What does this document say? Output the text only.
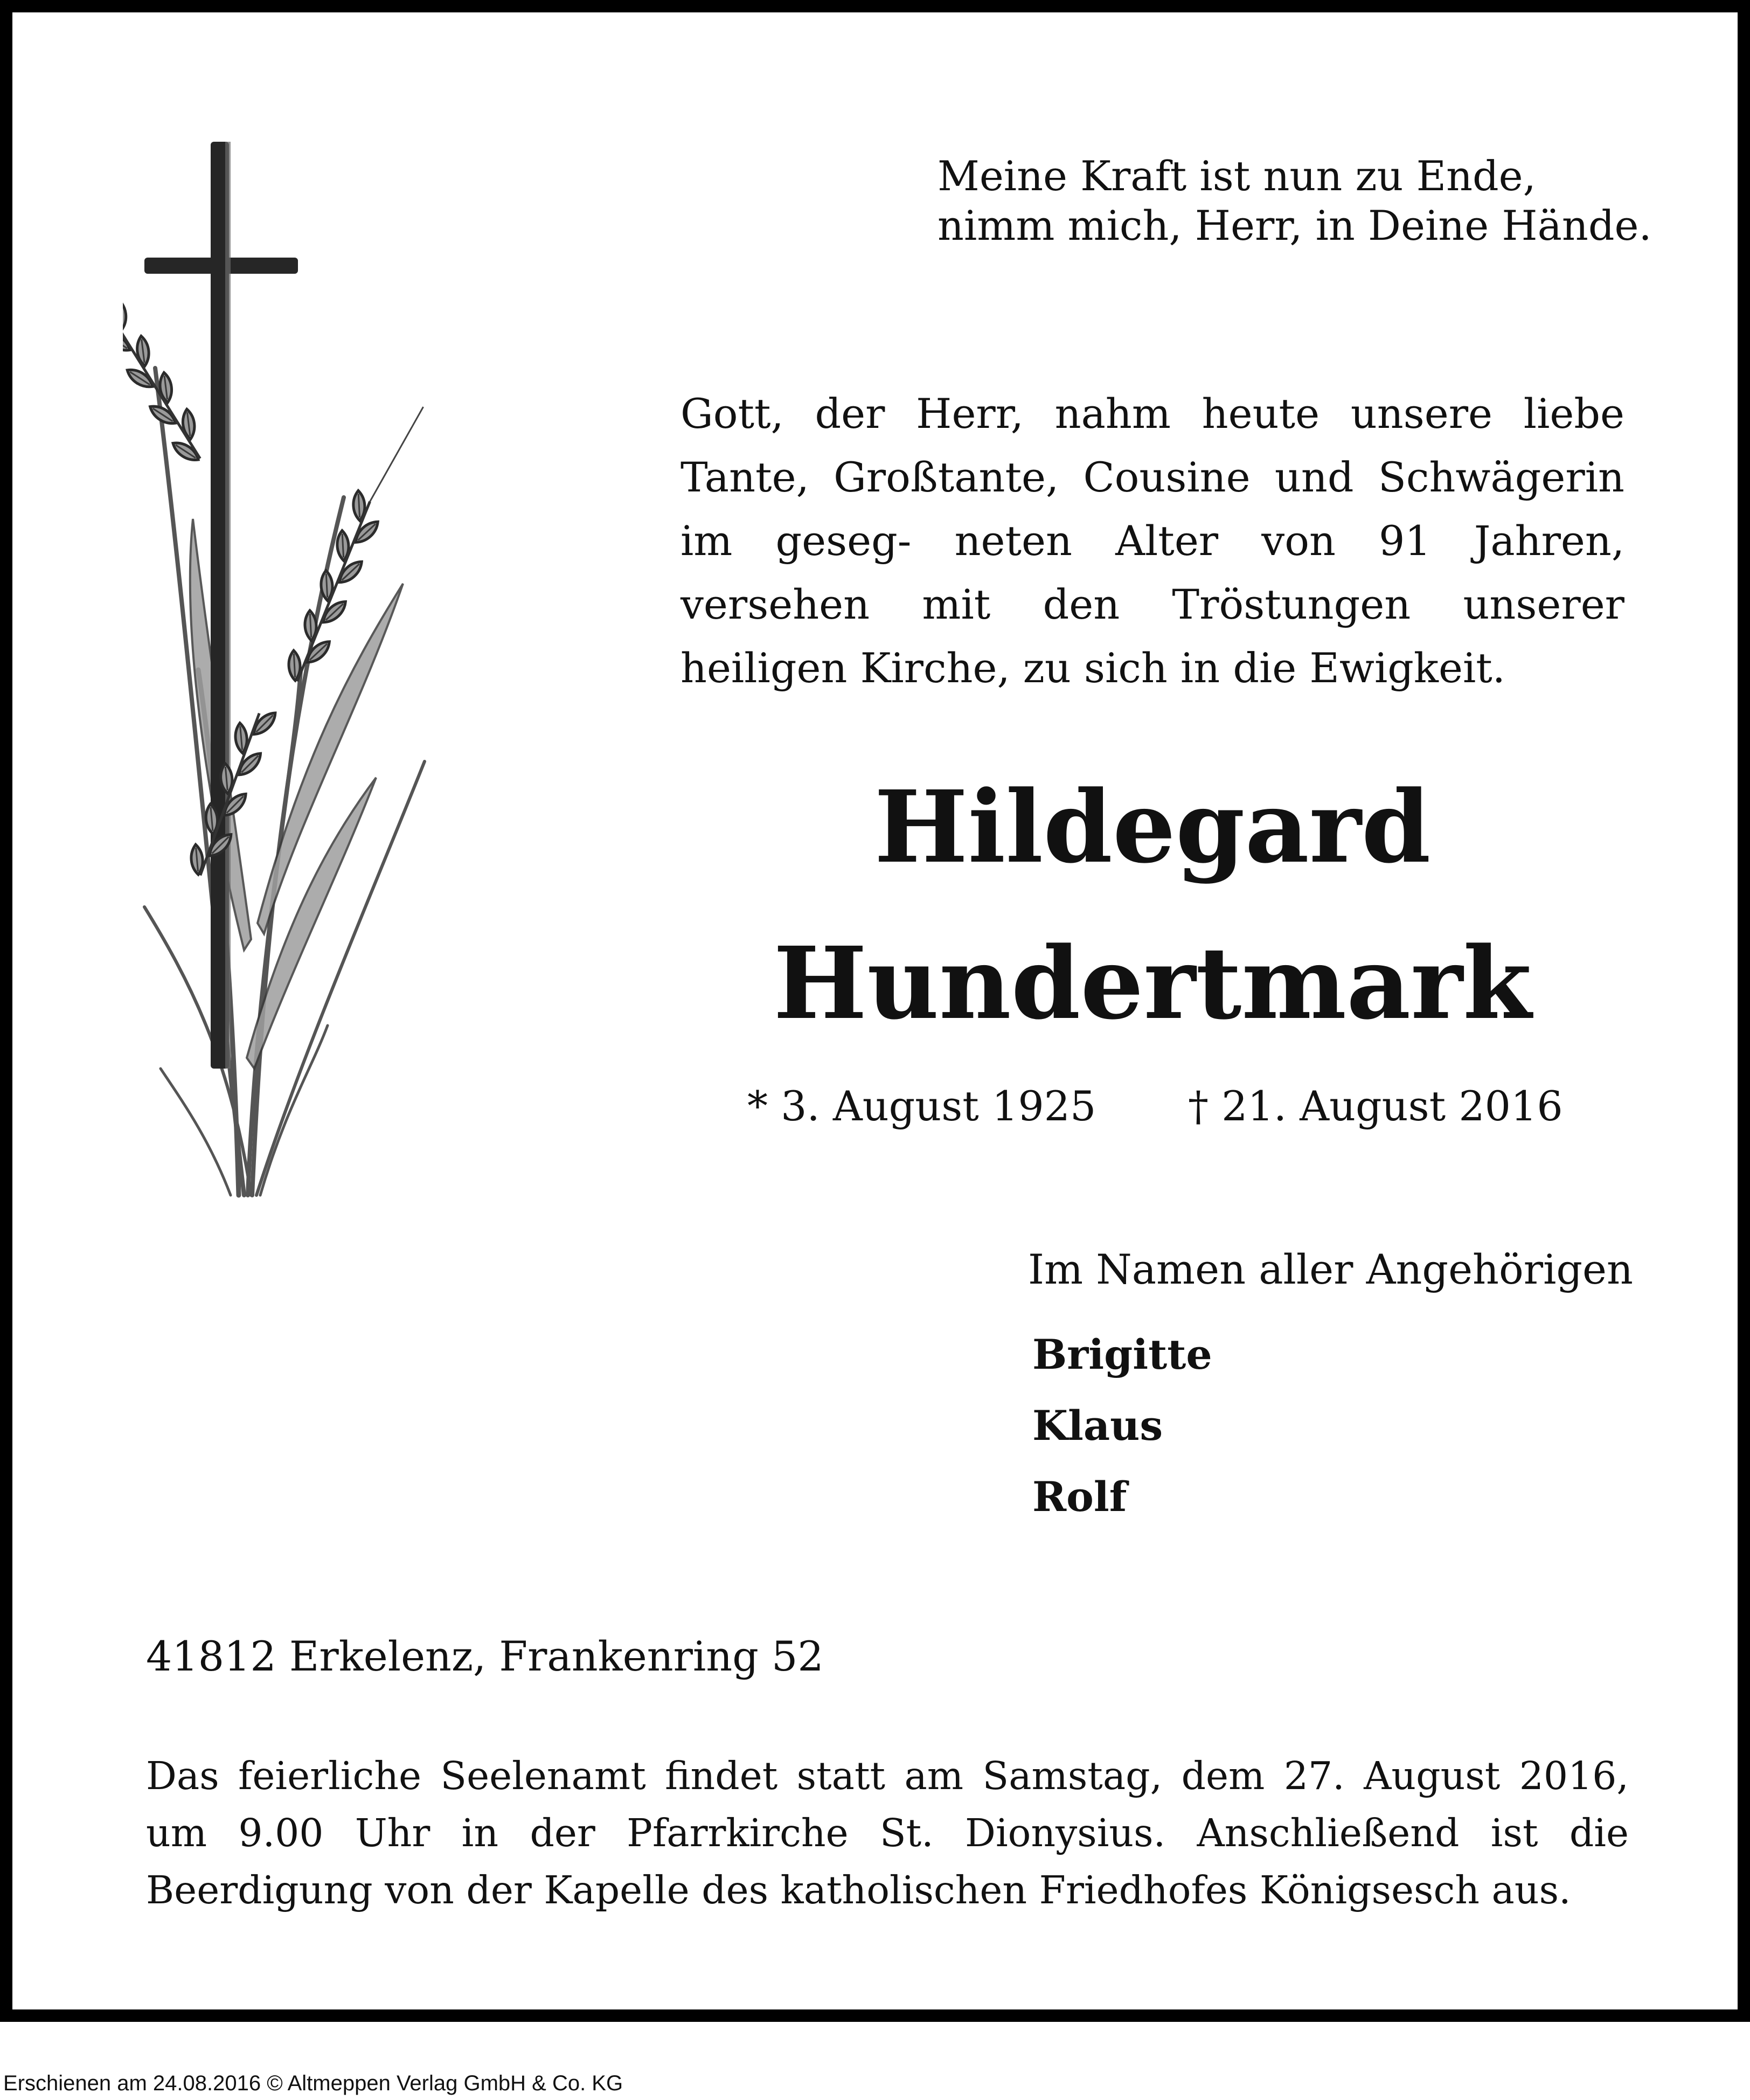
Meine Kraft ist nun zu Ende,
nimm mich, Herr, in Deine Hände.

Gott, der Herr, nahm heute unsere liebe Tante, Großtante, Cousine und Schwägerin im geseg- neten Alter von 91 Jahren, versehen mit den Tröstungen unserer heiligen Kirche, zu sich in die Ewigkeit.

Hildegard
Hundertmark
* 3. August 1925 † 21. August 2016
Im Namen aller Angehörigen
Brigitte
Klaus
Rolf
41812 Erkelenz, Frankenring 52

Das feierliche Seelenamt findet statt am Samstag, dem 27. August 2016, um 9.00 Uhr in der Pfarrkirche St. Dionysius. Anschließend ist die Beerdigung von der Kapelle des katholischen Friedhofes Königsesch aus.

Erschienen am 24.08.2016 © Altmeppen Verlag GmbH & Co. KG
